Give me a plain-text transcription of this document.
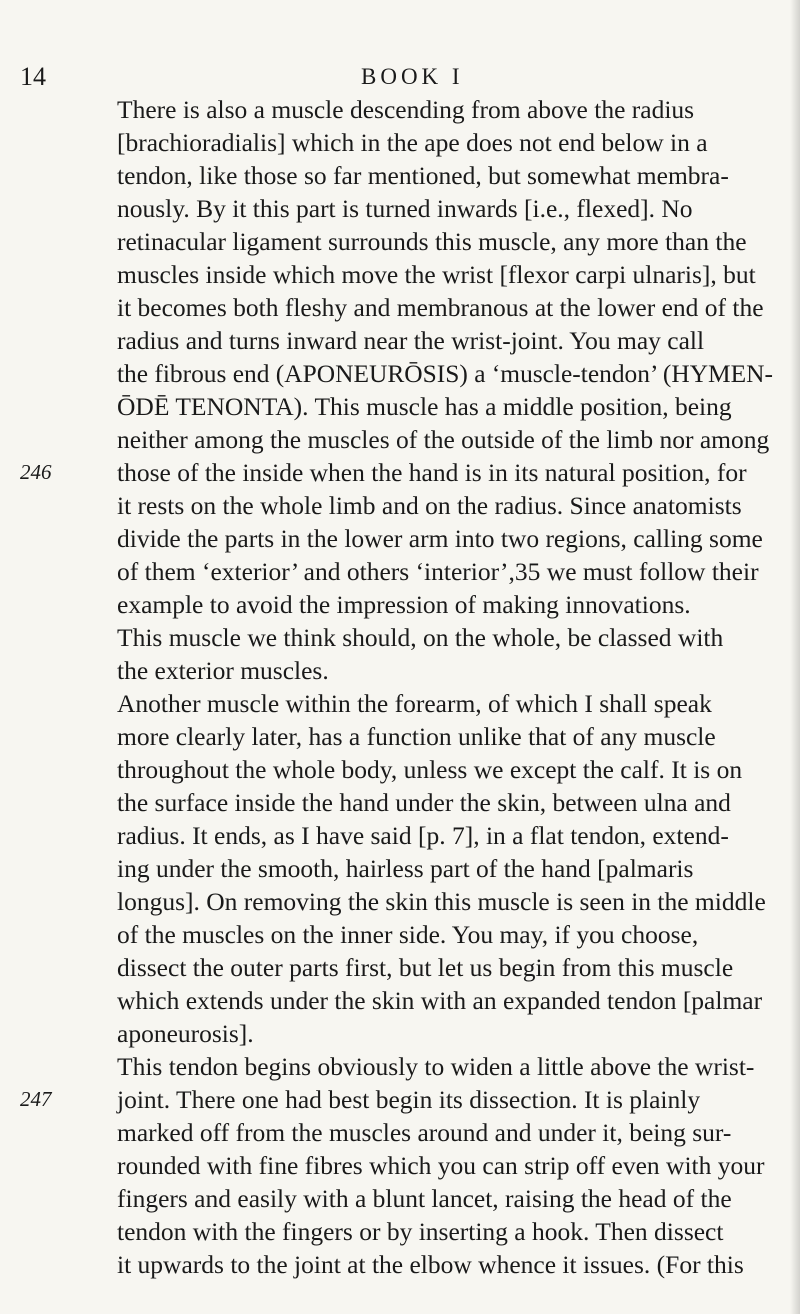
14	BOOK I
There is also a muscle descending from above the radius
[brachioradialis] which in the ape does not end below in a
tendon, like those so far mentioned, but somewhat membra-
nously. By it this part is turned inwards [i.e., flexed]. No
retinacular ligament surrounds this muscle, any more than the
muscles inside which move the wrist [flexor carpi ulnaris], but
it becomes both fleshy and membranous at the lower end of the
radius and turns inward near the wrist-joint. You may call
the fibrous end (APONEURŌSIS) a ‘muscle-tendon’ (HYMEN-
ŌDĒ TENONTA). This muscle has a middle position, being
neither among the muscles of the outside of the limb nor among
246	those of the inside when the hand is in its natural position, for
it rests on the whole limb and on the radius. Since anatomists
divide the parts in the lower arm into two regions, calling some
of them ‘exterior’ and others ‘interior’,35 we must follow their
example to avoid the impression of making innovations.
This muscle we think should, on the whole, be classed with
the exterior muscles.
Another muscle within the forearm, of which I shall speak
more clearly later, has a function unlike that of any muscle
throughout the whole body, unless we except the calf. It is on
the surface inside the hand under the skin, between ulna and
radius. It ends, as I have said [p. 7], in a flat tendon, extend-
ing under the smooth, hairless part of the hand [palmaris
longus]. On removing the skin this muscle is seen in the middle
of the muscles on the inner side. You may, if you choose,
dissect the outer parts first, but let us begin from this muscle
which extends under the skin with an expanded tendon [palmar
aponeurosis].
This tendon begins obviously to widen a little above the wrist-
247	joint. There one had best begin its dissection. It is plainly
marked off from the muscles around and under it, being sur-
rounded with fine fibres which you can strip off even with your
fingers and easily with a blunt lancet, raising the head of the
tendon with the fingers or by inserting a hook. Then dissect
it upwards to the joint at the elbow whence it issues. (For this
